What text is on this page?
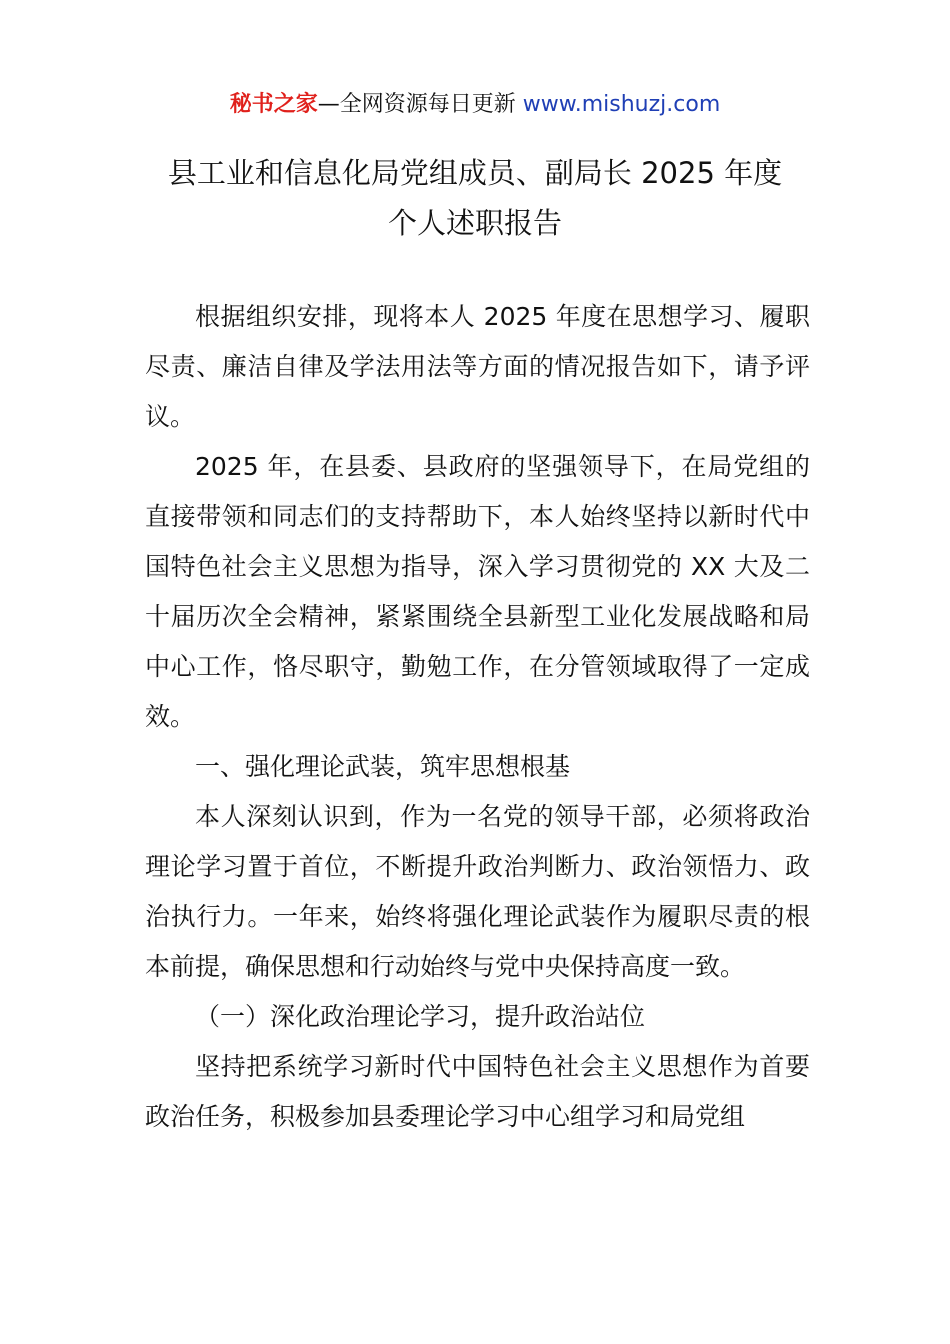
秘书之家—全网资源每日更新 www.mishuzj.com
县工业和信息化局党组成员、副局长 2025 年度
个人述职报告

根据组织安排，现将本人 2025 年度在思想学习、履职尽责、廉洁自律及学法用法等方面的情况报告如下，请予评议。

2025 年，在县委、县政府的坚强领导下，在局党组的直接带领和同志们的支持帮助下，本人始终坚持以新时代中国特色社会主义思想为指导，深入学习贯彻党的 XX 大及二十届历次全会精神，紧紧围绕全县新型工业化发展战略和局中心工作，恪尽职守，勤勉工作，在分管领域取得了一定成效。

一、强化理论武装，筑牢思想根基

本人深刻认识到，作为一名党的领导干部，必须将政治理论学习置于首位，不断提升政治判断力、政治领悟力、政治执行力。一年来，始终将强化理论武装作为履职尽责的根本前提，确保思想和行动始终与党中央保持高度一致。

（一）深化政治理论学习，提升政治站位

坚持把系统学习新时代中国特色社会主义思想作为首要政治任务，积极参加县委理论学习中心组学习和局党组
